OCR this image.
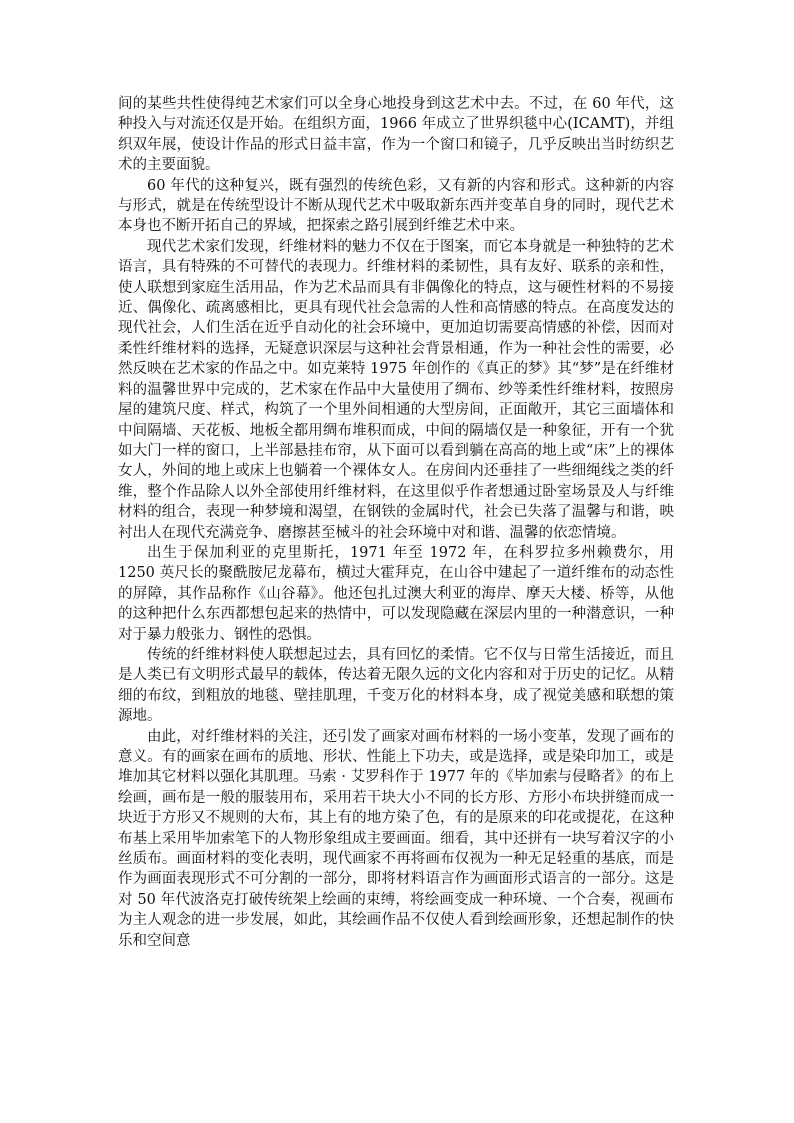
间的某些共性使得纯艺术家们可以全身心地投身到这艺术中去。不过，在 60 年代，这种投入与对流还仅是开始。在组织方面，1966 年成立了世界织毯中心(ICAMT)，并组织双年展，使设计作品的形式日益丰富，作为一个窗口和镜子，几乎反映出当时纺织艺术的主要面貌。

60 年代的这种复兴，既有强烈的传统色彩，又有新的内容和形式。这种新的内容与形式，就是在传统型设计不断从现代艺术中吸取新东西并变革自身的同时，现代艺术本身也不断开拓自己的界域，把探索之路引展到纤维艺术中来。

现代艺术家们发现，纤维材料的魅力不仅在于图案，而它本身就是一种独特的艺术语言，具有特殊的不可替代的表现力。纤维材料的柔韧性，具有友好、联系的亲和性，使人联想到家庭生活用品，作为艺术品而具有非偶像化的特点，这与硬性材料的不易接近、偶像化、疏离感相比，更具有现代社会急需的人性和高情感的特点。在高度发达的现代社会，人们生活在近乎自动化的社会环境中，更加迫切需要高情感的补偿，因而对柔性纤维材料的选择，无疑意识深层与这种社会背景相通，作为一种社会性的需要，必然反映在艺术家的作品之中。如克莱特 1975 年创作的《真正的梦》其“梦”是在纤维材料的温馨世界中完成的，艺术家在作品中大量使用了绸布、纱等柔性纤维材料，按照房屋的建筑尺度、样式，构筑了一个里外间相通的大型房间，正面敞开，其它三面墙体和中间隔墙、天花板、地板全都用绸布堆积而成，中间的隔墙仅是一种象征，开有一个犹如大门一样的窗口，上半部悬挂布帘，从下面可以看到躺在高高的地上或“床”上的裸体女人，外间的地上或床上也躺着一个裸体女人。在房间内还垂挂了一些细绳线之类的纤维，整个作品除人以外全部使用纤维材料，在这里似乎作者想通过卧室场景及人与纤维材料的组合，表现一种梦境和渴望，在钢铁的金属时代，社会已失落了温馨与和谐，映衬出人在现代充满竞争、磨擦甚至械斗的社会环境中对和谐、温馨的依恋情境。

出生于保加利亚的克里斯托，1971 年至 1972 年，在科罗拉多州赖费尔，用 1250 英尺长的聚酰胺尼龙幕布，横过大霍拜克，在山谷中建起了一道纤维布的动态性的屏障，其作品称作《山谷幕》。他还包扎过澳大利亚的海岸、摩天大楼、桥等，从他的这种把什么东西都想包起来的热情中，可以发现隐藏在深层内里的一种潜意识，一种对于暴力般张力、钢性的恐惧。

传统的纤维材料使人联想起过去，具有回忆的柔情。它不仅与日常生活接近，而且是人类已有文明形式最早的载体，传达着无限久远的文化内容和对于历史的记忆。从精细的布纹，到粗放的地毯、壁挂肌理，千变万化的材料本身，成了视觉美感和联想的策源地。

由此，对纤维材料的关注，还引发了画家对画布材料的一场小变革，发现了画布的意义。有的画家在画布的质地、形状、性能上下功夫，或是选择，或是染印加工，或是堆加其它材料以强化其肌理。马索 · 艾罗科作于 1977 年的《毕加索与侵略者》的布上绘画，画布是一般的服装用布，采用若干块大小不同的长方形、方形小布块拼缝而成一块近于方形又不规则的大布，其上有的地方染了色，有的是原来的印花或提花，在这种布基上采用毕加索笔下的人物形象组成主要画面。细看，其中还拼有一块写着汉字的小丝质布。画面材料的变化表明，现代画家不再将画布仅视为一种无足轻重的基底，而是作为画面表现形式不可分割的一部分，即将材料语言作为画面形式语言的一部分。这是对 50 年代波洛克打破传统架上绘画的束缚，将绘画变成一种环境、一个合奏，视画布为主人观念的进一步发展，如此，其绘画作品不仅使人看到绘画形象，还想起制作的快乐和空间意
